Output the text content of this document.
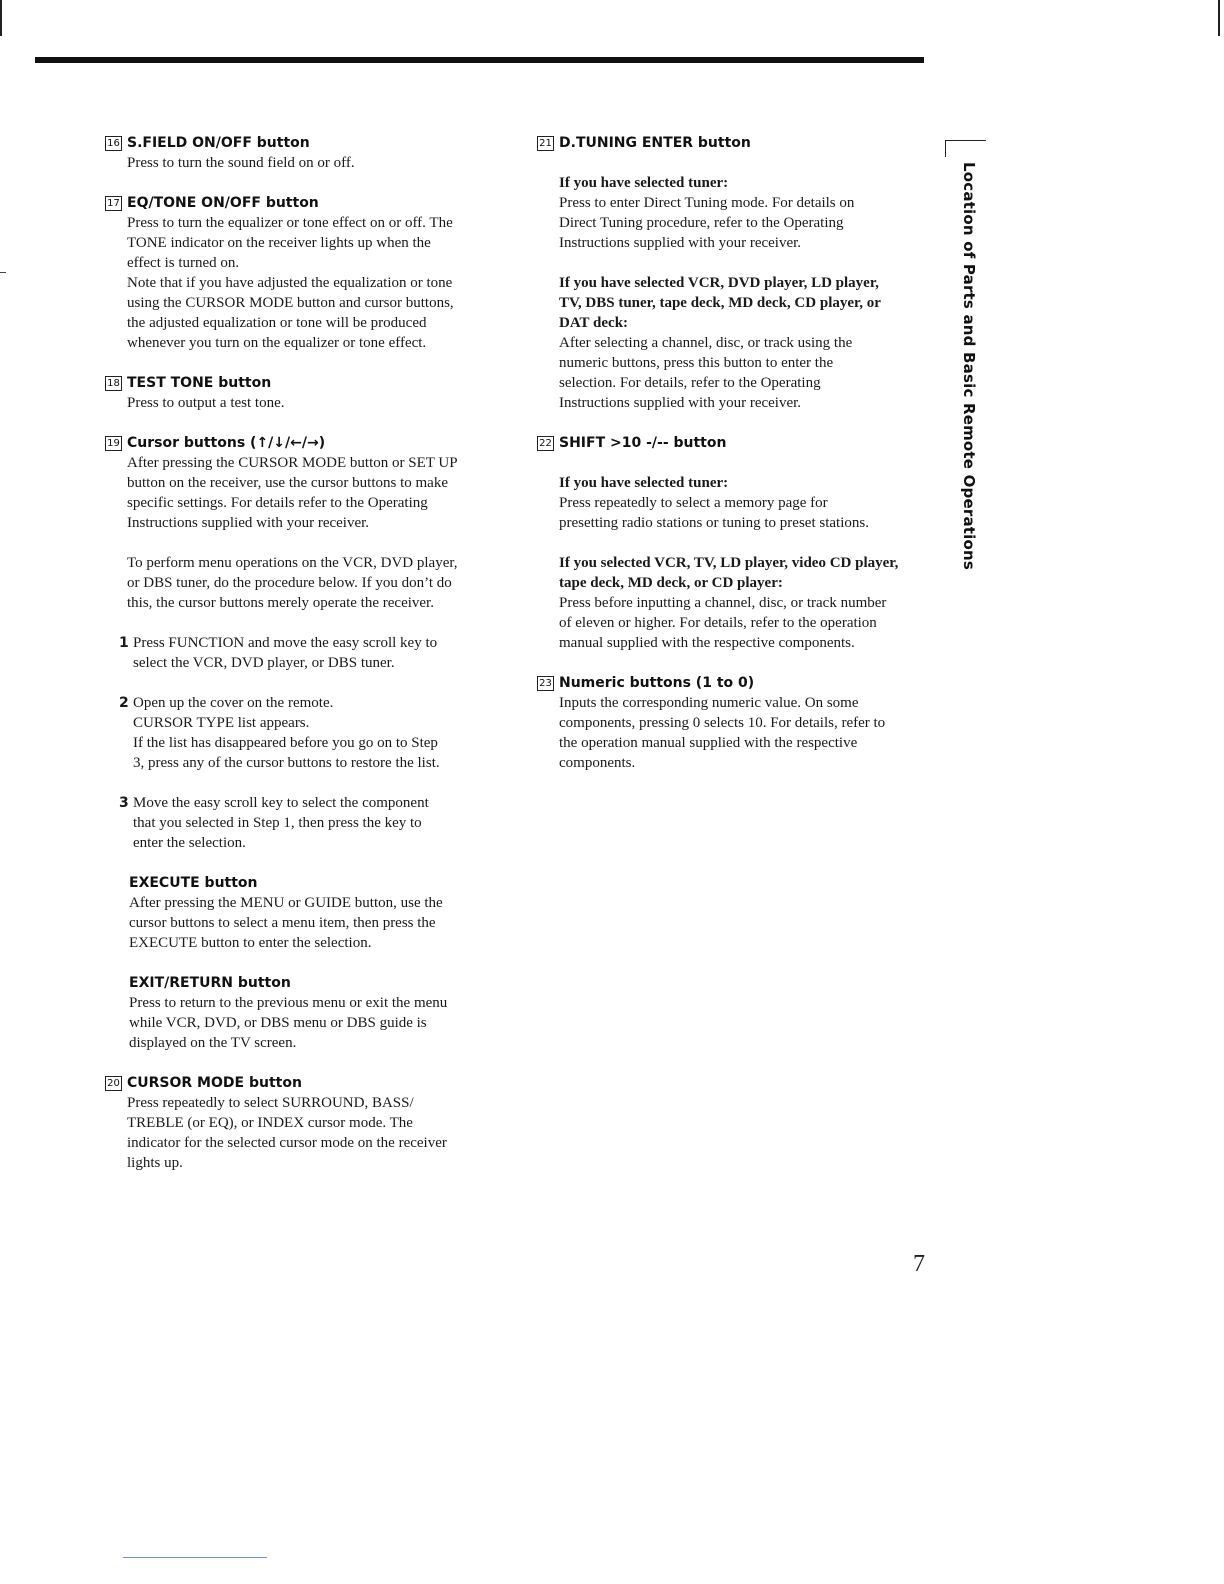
16 S.FIELD ON/OFF button

Press to turn the sound field on or off.

17 EQ/TONE ON/OFF button

Press to turn the equalizer or tone effect on or off. The

TONE indicator on the receiver lights up when the

effect is turned on.

Note that if you have adjusted the equalization or tone

using the CURSOR MODE button and cursor buttons,

the adjusted equalization or tone will be produced

whenever you turn on the equalizer or tone effect.

18 TEST TONE button

Press to output a test tone.

19 Cursor buttons (↑/↓/←/→)

After pressing the CURSOR MODE button or SET UP

button on the receiver, use the cursor buttons to make

specific settings. For details refer to the Operating

Instructions supplied with your receiver.

To perform menu operations on the VCR, DVD player,

or DBS tuner, do the procedure below. If you don’t do

this, the cursor buttons merely operate the receiver.

1 Press FUNCTION and move the easy scroll key to

select the VCR, DVD player, or DBS tuner.

2 Open up the cover on the remote.

CURSOR TYPE list appears.

If the list has disappeared before you go on to Step

3, press any of the cursor buttons to restore the list.

3 Move the easy scroll key to select the component

that you selected in Step 1, then press the key to

enter the selection.

EXECUTE button

After pressing the MENU or GUIDE button, use the

cursor buttons to select a menu item, then press the

EXECUTE button to enter the selection.

EXIT/RETURN button

Press to return to the previous menu or exit the menu

while VCR, DVD, or DBS menu or DBS guide is

displayed on the TV screen.

20 CURSOR MODE button

Press repeatedly to select SURROUND, BASS/

TREBLE (or EQ), or INDEX cursor mode. The

indicator for the selected cursor mode on the receiver

lights up.

21 D.TUNING ENTER button

If you have selected tuner:

Press to enter Direct Tuning mode. For details on

Direct Tuning procedure, refer to the Operating

Instructions supplied with your receiver.

If you have selected VCR, DVD player, LD player,

TV, DBS tuner, tape deck, MD deck, CD player, or

DAT deck:

After selecting a channel, disc, or track using the

numeric buttons, press this button to enter the

selection. For details, refer to the Operating

Instructions supplied with your receiver.

22 SHIFT >10 -/-- button

If you have selected tuner:

Press repeatedly to select a memory page for

presetting radio stations or tuning to preset stations.

If you selected VCR, TV, LD player, video CD player,

tape deck, MD deck, or CD player:

Press before inputting a channel, disc, or track number

of eleven or higher. For details, refer to the operation

manual supplied with the respective components.

23 Numeric buttons (1 to 0)

Inputs the corresponding numeric value. On some

components, pressing 0 selects 10. For details, refer to

the operation manual supplied with the respective

components.

Location of Parts and Basic Remote Operations
7
